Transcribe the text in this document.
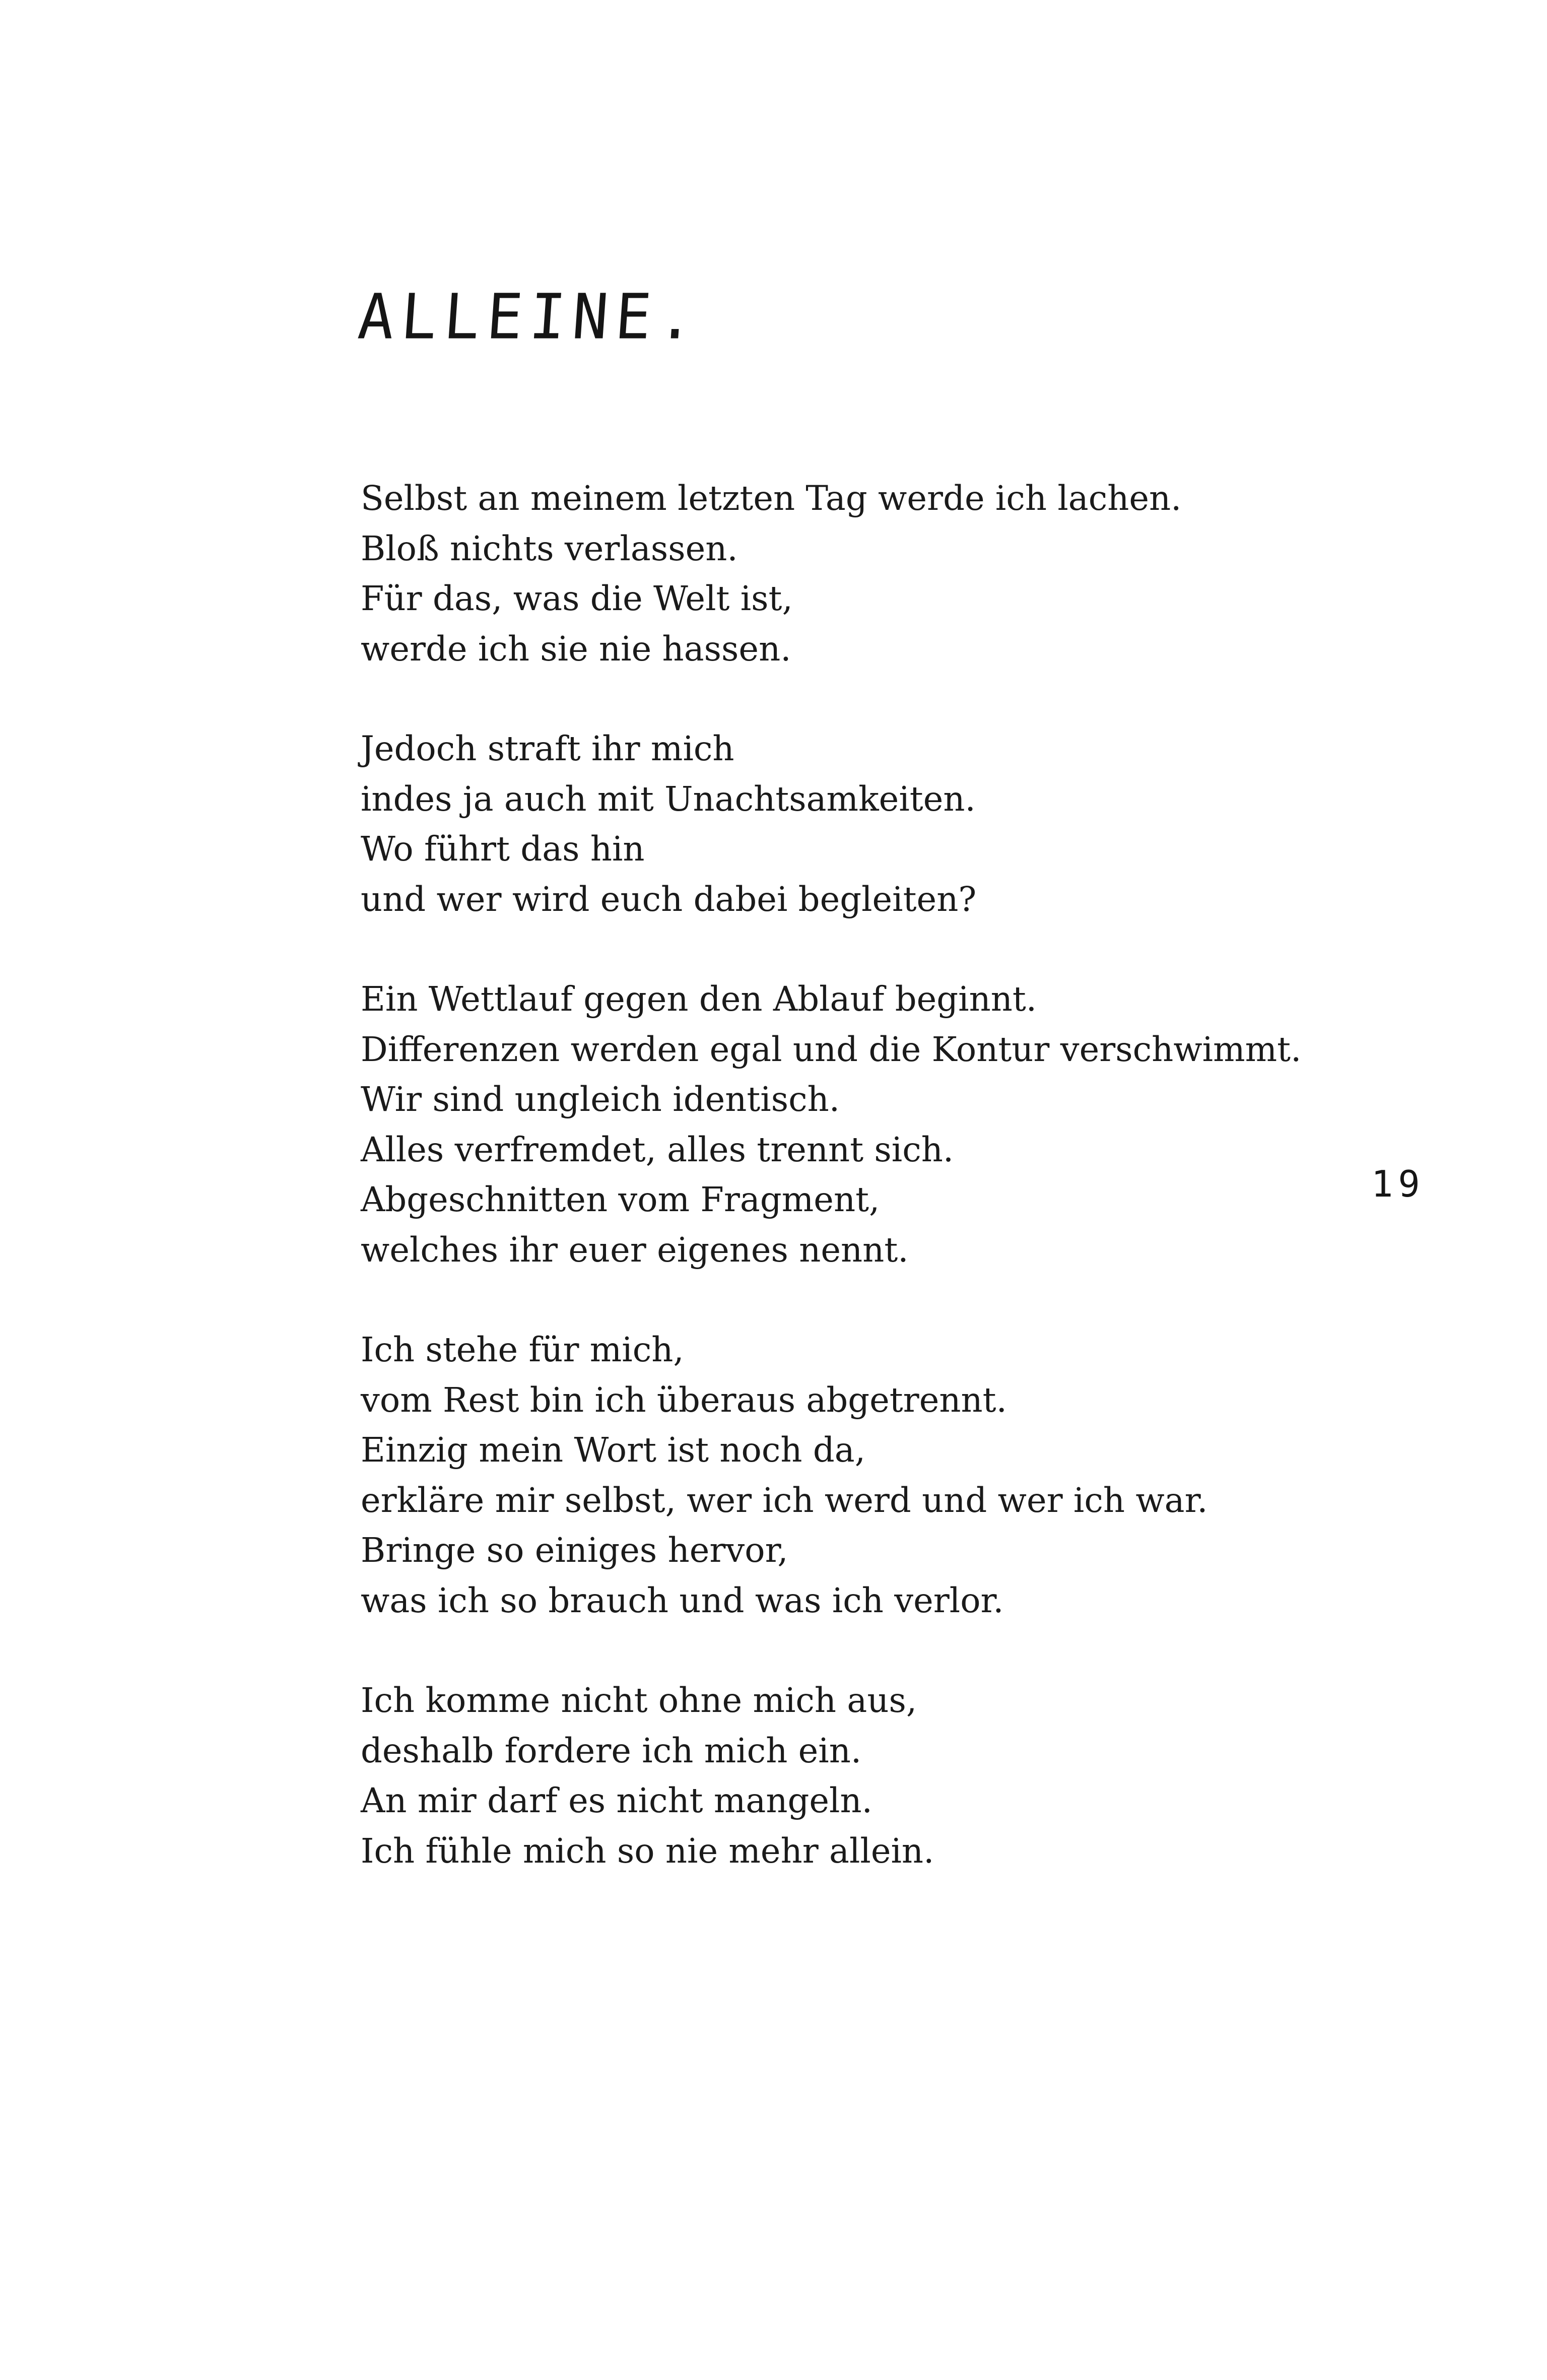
ALLEINE.
Selbst an meinem letzten Tag werde ich lachen.
Bloß nichts verlassen.
Für das, was die Welt ist,
werde ich sie nie hassen.
Jedoch straft ihr mich
indes ja auch mit Unachtsamkeiten.
Wo führt das hin
und wer wird euch dabei begleiten?
Ein Wettlauf gegen den Ablauf beginnt.
Differenzen werden egal und die Kontur verschwimmt.
Wir sind ungleich identisch.
Alles verfremdet, alles trennt sich.
Abgeschnitten vom Fragment,
welches ihr euer eigenes nennt.
Ich stehe für mich,
vom Rest bin ich überaus abgetrennt.
Einzig mein Wort ist noch da,
erkläre mir selbst, wer ich werd und wer ich war.
Bringe so einiges hervor,
was ich so brauch und was ich verlor.
Ich komme nicht ohne mich aus,
deshalb fordere ich mich ein.
An mir darf es nicht mangeln.
Ich fühle mich so nie mehr allein.
19
